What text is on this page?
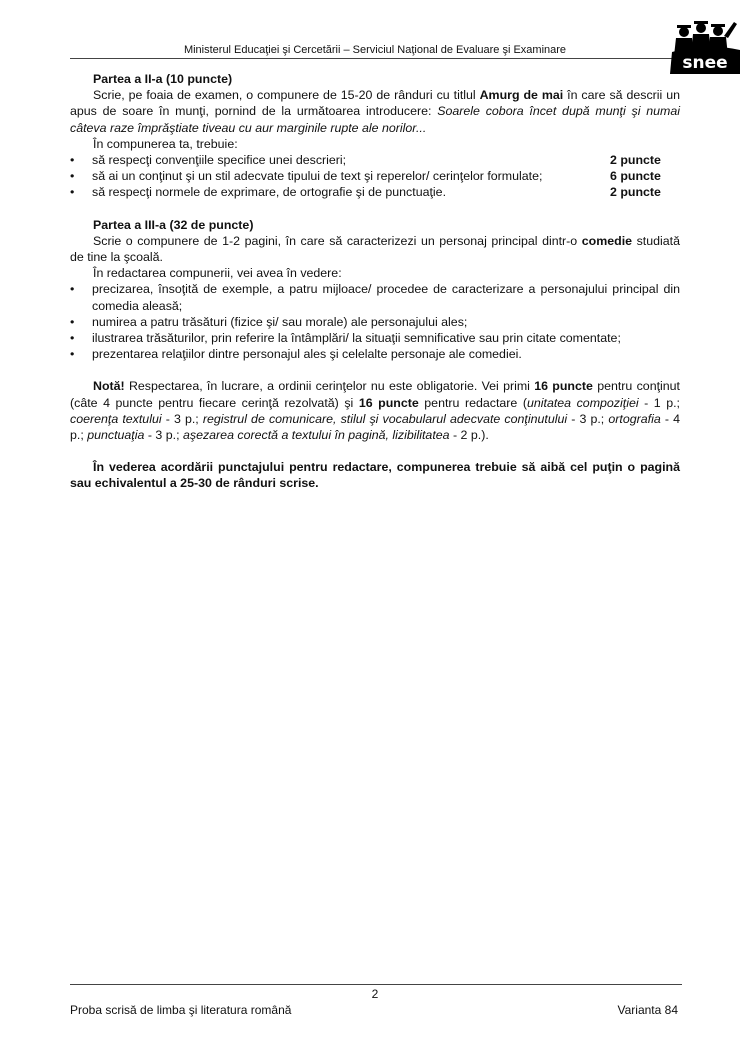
Ministerul Educaţiei şi Cercetării – Serviciul Naţional de Evaluare şi Examinare
snee

Partea a II-a (10 puncte)

Scrie, pe foaia de examen, o compunere de 15-20 de rânduri cu titlul Amurg de mai în care să descrii un apus de soare în munţi, pornind de la următoarea introducere: Soarele cobora încet după munţi şi numai câteva raze împrăştiate tiveau cu aur marginile rupte ale norilor...

În compunerea ta, trebuie:

• să respecţi convenţiile specifice unei descrieri;	2 puncte
• să ai un conţinut şi un stil adecvate tipului de text şi reperelor/ cerinţelor formulate;	6 puncte
• să respecţi normele de exprimare, de ortografie şi de punctuaţie.	2 puncte

Partea a III-a (32 de puncte)

Scrie o compunere de 1-2 pagini, în care să caracterizezi un personaj principal dintr-o comedie studiată de tine la şcoală.

În redactarea compunerii, vei avea în vedere:

• precizarea, însoţită de exemple, a patru mijloace/ procedee de caracterizare a personajului principal din comedia aleasă;
• numirea a patru trăsături (fizice şi/ sau morale) ale personajului ales;
• ilustrarea trăsăturilor, prin referire la întâmplări/ la situaţii semnificative sau prin citate comentate;
• prezentarea relaţiilor dintre personajul ales şi celelalte personaje ale comediei.

Notă! Respectarea, în lucrare, a ordinii cerinţelor nu este obligatorie. Vei primi 16 puncte pentru conţinut (câte 4 puncte pentru fiecare cerinţă rezolvată) şi 16 puncte pentru redactare (unitatea compoziţiei - 1 p.; coerenţa textului - 3 p.; registrul de comunicare, stilul şi vocabularul adecvate conţinutului - 3 p.; ortografia - 4 p.; punctuaţia - 3 p.; aşezarea corectă a textului în pagină, lizibilitatea - 2 p.).

În vederea acordării punctajului pentru redactare, compunerea trebuie să aibă cel puţin o pagină sau echivalentul a 25-30 de rânduri scrise.

2
Proba scrisă de limba şi literatura română	Varianta 84
